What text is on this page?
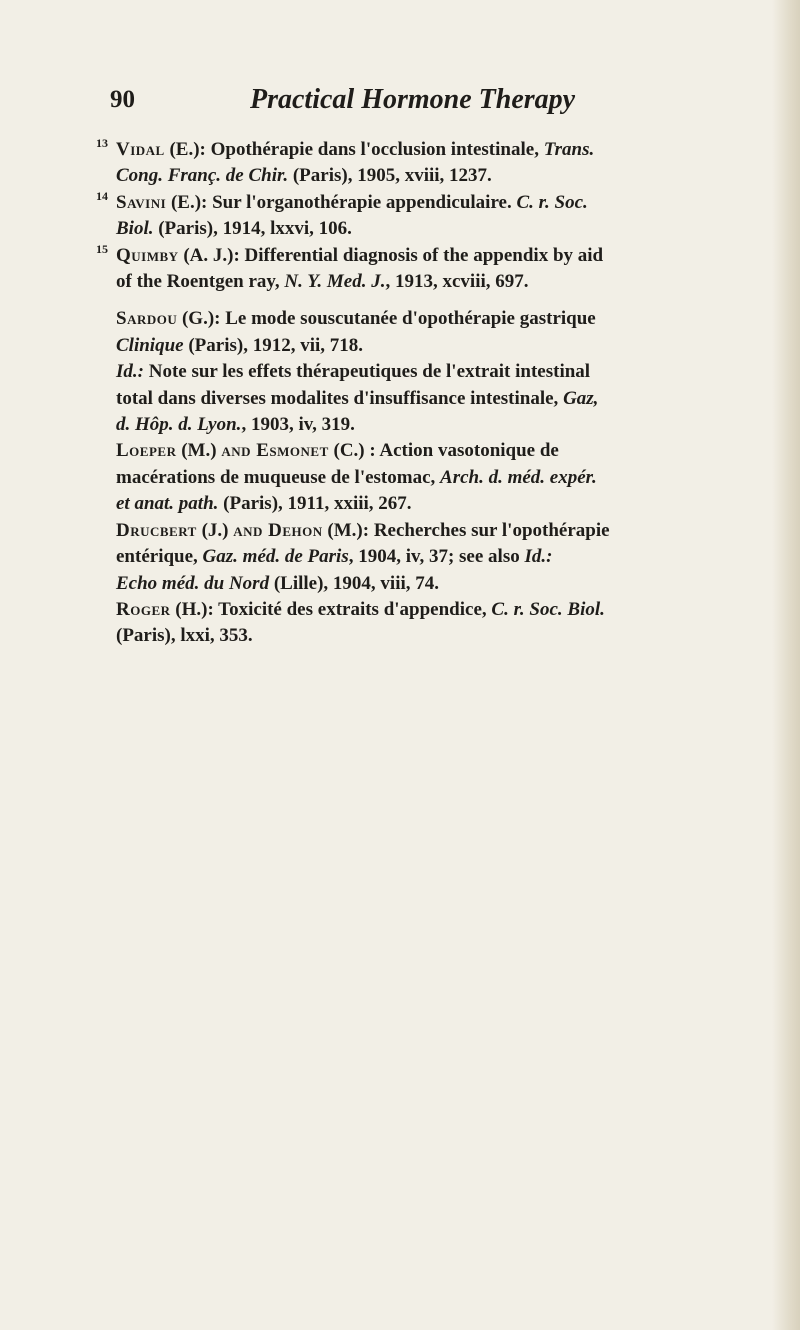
90	Practical Hormone Therapy
13 Vidal (E.): Opothérapie dans l'occlusion intestinale, Trans.
Cong. Franç. de Chir. (Paris), 1905, xviii, 1237.
14 Savini (E.): Sur l'organothérapie appendiculaire. C. r. Soc.
Biol. (Paris), 1914, lxxvi, 106.
15 Quimby (A. J.): Differential diagnosis of the appendix by aid
of the Roentgen ray, N. Y. Med. J., 1913, xcviii, 697.
Sardou (G.): Le mode souscutanée d'opothérapie gastrique
Clinique (Paris), 1912, vii, 718.
Id.: Note sur les effets thérapeutiques de l'extrait intestinal
total dans diverses modalites d'insuffisance intestinale, Gaz,
d. Hôp. d. Lyon., 1903, iv, 319.
Loeper (M.) and Esmonet (C.) : Action vasotonique de
macérations de muqueuse de l'estomac, Arch. d. méd. expér.
et anat. path. (Paris), 1911, xxiii, 267.
Drucbert (J.) and Dehon (M.): Recherches sur l'opothérapie
entérique, Gaz. méd. de Paris, 1904, iv, 37; see also Id.:
Echo méd. du Nord (Lille), 1904, viii, 74.
Roger (H.): Toxicité des extraits d'appendice, C. r. Soc. Biol.
(Paris), lxxi, 353.
